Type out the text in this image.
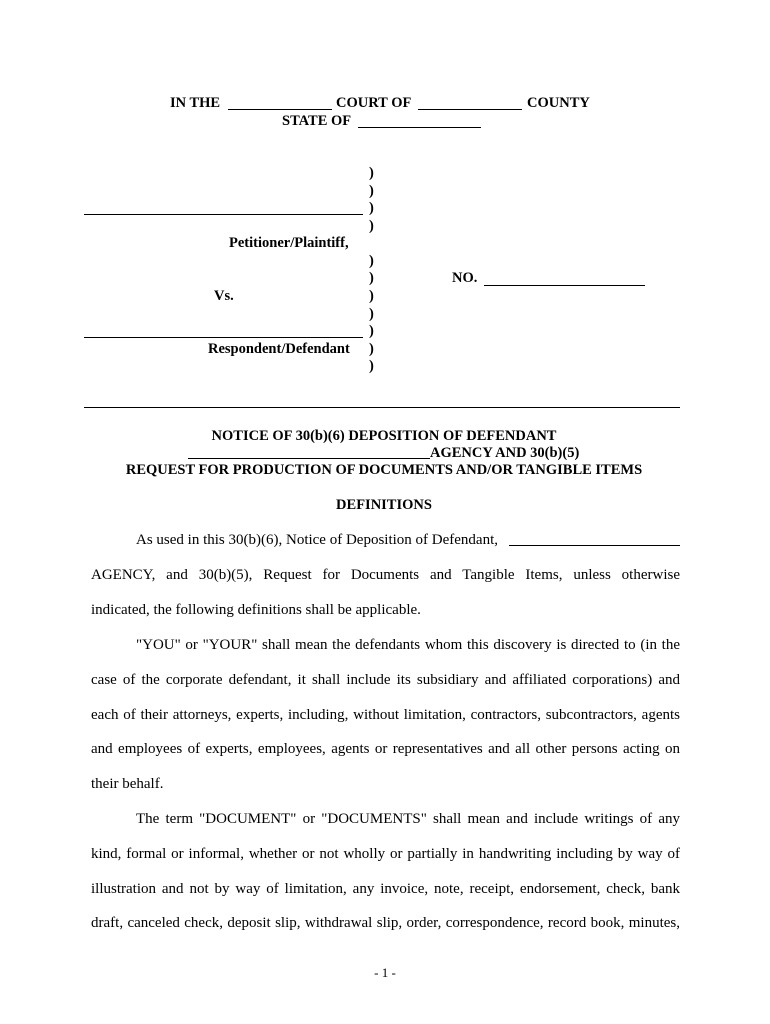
IN THE	COURT OF	COUNTY
STATE OF
Petitioner/Plaintiff,
Vs.
Respondent/Defendant
)
)
)
)
)
)
)
)
)
)
)
NO.
NOTICE OF 30(b)(6) DEPOSITION OF DEFENDANT
AGENCY AND 30(b)(5)
REQUEST FOR PRODUCTION OF DOCUMENTS AND/OR TANGIBLE ITEMS
DEFINITIONS
As used in this 30(b)(6), Notice of Deposition of Defendant,
AGENCY, and 30(b)(5), Request for Documents and Tangible Items, unless otherwise
indicated, the following definitions shall be applicable.
"YOU" or "YOUR" shall mean the defendants whom this discovery is directed to (in the
case of the corporate defendant, it shall include its subsidiary and affiliated corporations) and
each of their attorneys, experts, including, without limitation, contractors, subcontractors, agents
and employees of experts, employees, agents or representatives and all other persons acting on
their behalf.
The term "DOCUMENT" or "DOCUMENTS" shall mean and include writings of any
kind, formal or informal, whether or not wholly or partially in handwriting including by way of
illustration and not by way of limitation, any invoice, note, receipt, endorsement, check, bank
draft, canceled check, deposit slip, withdrawal slip, order, correspondence, record book, minutes,
- 1 -
